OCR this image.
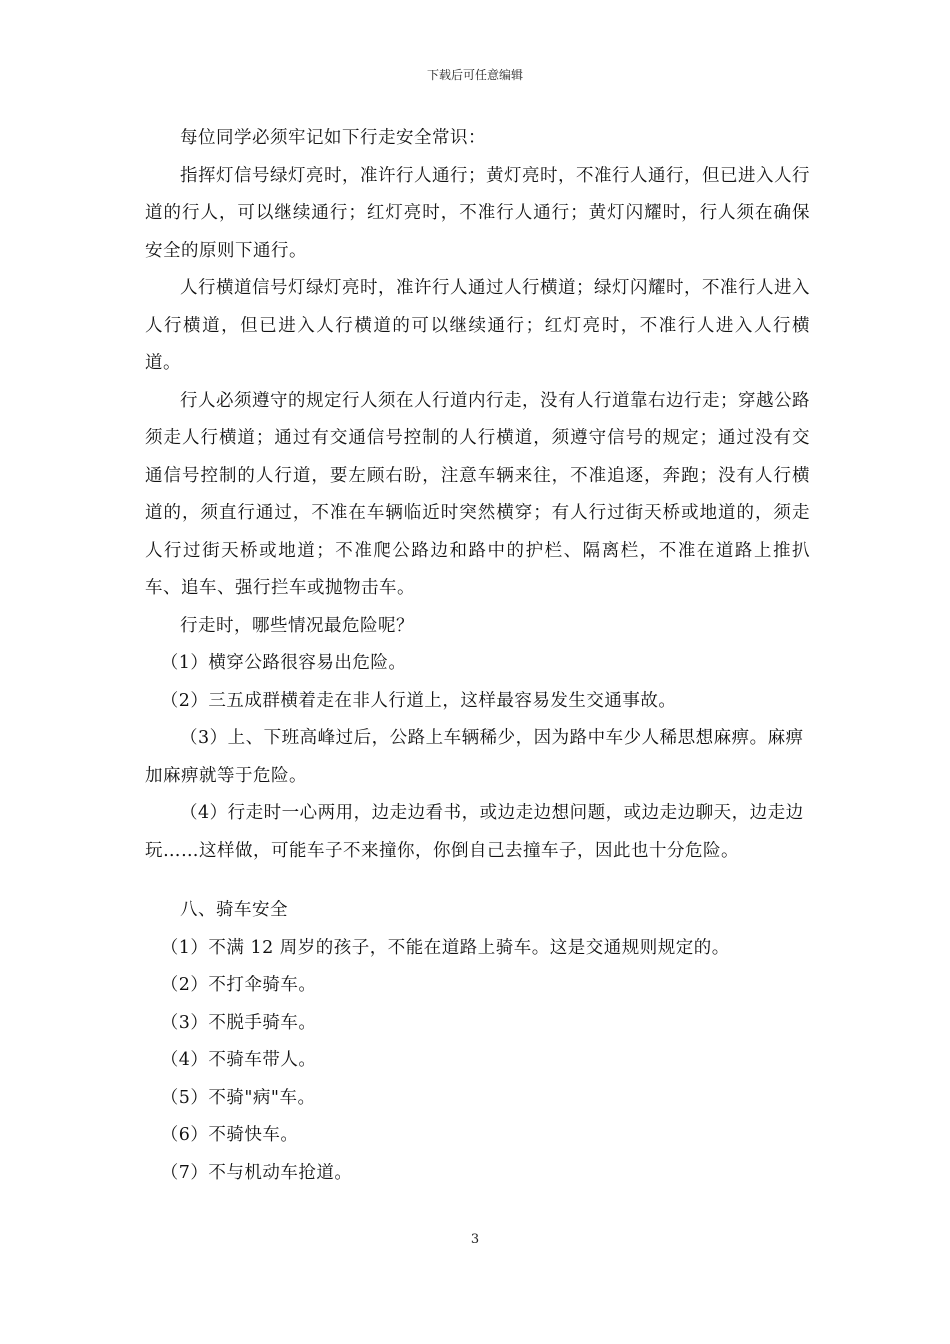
下载后可任意编辑

每位同学必须牢记如下行走安全常识：

指挥灯信号绿灯亮时，准许行人通行；黄灯亮时，不准行人通行，但已进入人行道的行人，可以继续通行；红灯亮时，不准行人通行；黄灯闪耀时，行人须在确保安全的原则下通行。

人行横道信号灯绿灯亮时，准许行人通过人行横道；绿灯闪耀时，不准行人进入人行横道，但已进入人行横道的可以继续通行；红灯亮时，不准行人进入人行横道。

行人必须遵守的规定行人须在人行道内行走，没有人行道靠右边行走；穿越公路须走人行横道；通过有交通信号控制的人行横道，须遵守信号的规定；通过没有交通信号控制的人行道，要左顾右盼，注意车辆来往，不准追逐，奔跑；没有人行横道的，须直行通过，不准在车辆临近时突然横穿；有人行过街天桥或地道的，须走人行过街天桥或地道；不准爬公路边和路中的护栏、隔离栏，不准在道路上推扒车、追车、强行拦车或抛物击车。

行走时，哪些情况最危险呢？

（1）横穿公路很容易出危险。

（2）三五成群横着走在非人行道上，这样最容易发生交通事故。

（3）上、下班高峰过后，公路上车辆稀少，因为路中车少人稀思想麻痹。麻痹加麻痹就等于危险。

（4）行走时一心两用，边走边看书，或边走边想问题，或边走边聊天，边走边玩……这样做，可能车子不来撞你，你倒自己去撞车子，因此也十分危险。

八、骑车安全

（1）不满 12 周岁的孩子，不能在道路上骑车。这是交通规则规定的。

（2）不打伞骑车。

（3）不脱手骑车。

（4）不骑车带人。

（5）不骑"病"车。

（6）不骑快车。

（7）不与机动车抢道。

3
